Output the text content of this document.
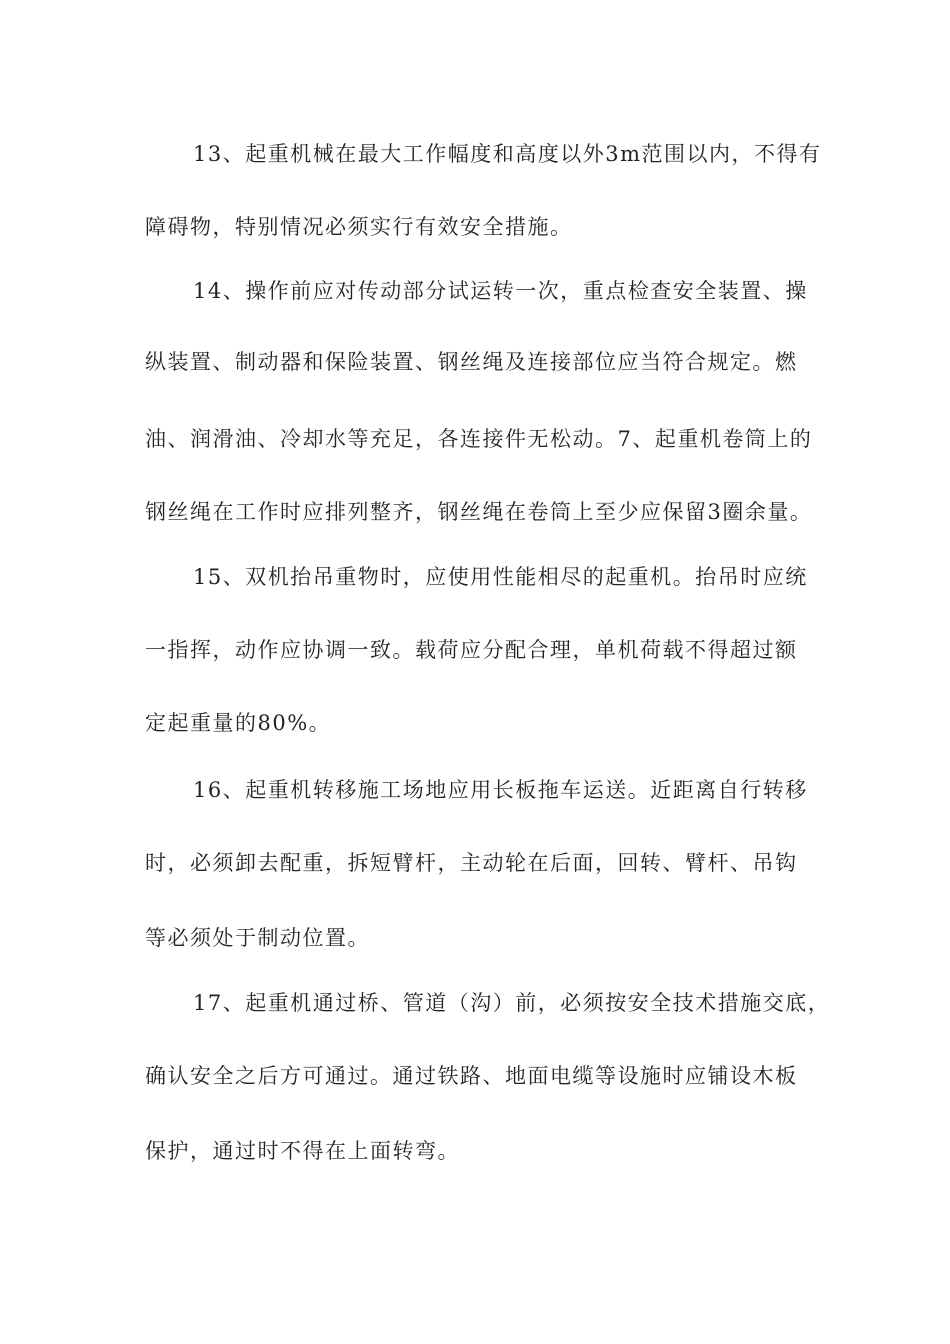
13、起重机械在最大工作幅度和高度以外3m范围以内，不得有
障碍物，特别情况必须实行有效安全措施。
14、操作前应对传动部分试运转一次，重点检查安全装置、操
纵装置、制动器和保险装置、钢丝绳及连接部位应当符合规定。燃
油、润滑油、冷却水等充足，各连接件无松动。7、起重机卷筒上的
钢丝绳在工作时应排列整齐，钢丝绳在卷筒上至少应保留3圈余量。
15、双机抬吊重物时，应使用性能相尽的起重机。抬吊时应统
一指挥，动作应协调一致。载荷应分配合理，单机荷载不得超过额
定起重量的80%。
16、起重机转移施工场地应用长板拖车运送。近距离自行转移
时，必须卸去配重，拆短臂杆，主动轮在后面，回转、臂杆、吊钩
等必须处于制动位置。
17、起重机通过桥、管道（沟）前，必须按安全技术措施交底，
确认安全之后方可通过。通过铁路、地面电缆等设施时应铺设木板
保护，通过时不得在上面转弯。
